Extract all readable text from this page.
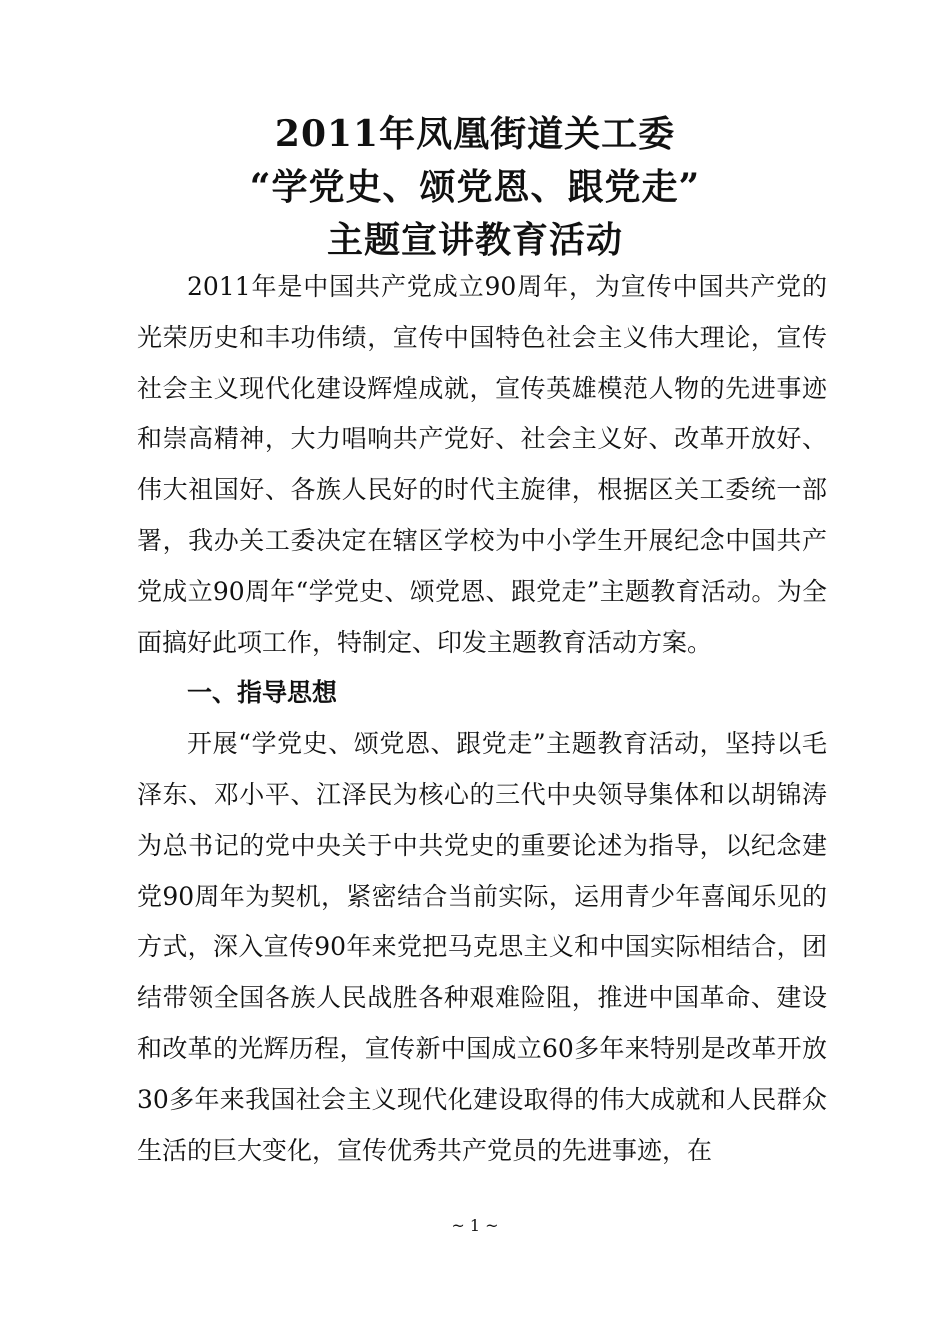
2011年凤凰街道关工委
“学党史、颂党恩、跟党走”
主题宣讲教育活动

2011年是中国共产党成立90周年，为宣传中国共产党的光荣历史和丰功伟绩，宣传中国特色社会主义伟大理论，宣传社会主义现代化建设辉煌成就，宣传英雄模范人物的先进事迹和崇高精神，大力唱响共产党好、社会主义好、改革开放好、伟大祖国好、各族人民好的时代主旋律，根据区关工委统一部署，我办关工委决定在辖区学校为中小学生开展纪念中国共产党成立90周年“学党史、颂党恩、跟党走”主题教育活动。为全面搞好此项工作，特制定、印发主题教育活动方案。

一、指导思想

开展“学党史、颂党恩、跟党走”主题教育活动，坚持以毛泽东、邓小平、江泽民为核心的三代中央领导集体和以胡锦涛为总书记的党中央关于中共党史的重要论述为指导，以纪念建党90周年为契机，紧密结合当前实际，运用青少年喜闻乐见的方式，深入宣传90年来党把马克思主义和中国实际相结合，团结带领全国各族人民战胜各种艰难险阻，推进中国革命、建设和改革的光辉历程，宣传新中国成立60多年来特别是改革开放30多年来我国社会主义现代化建设取得的伟大成就和人民群众生活的巨大变化，宣传优秀共产党员的先进事迹，在

~ 1 ~
